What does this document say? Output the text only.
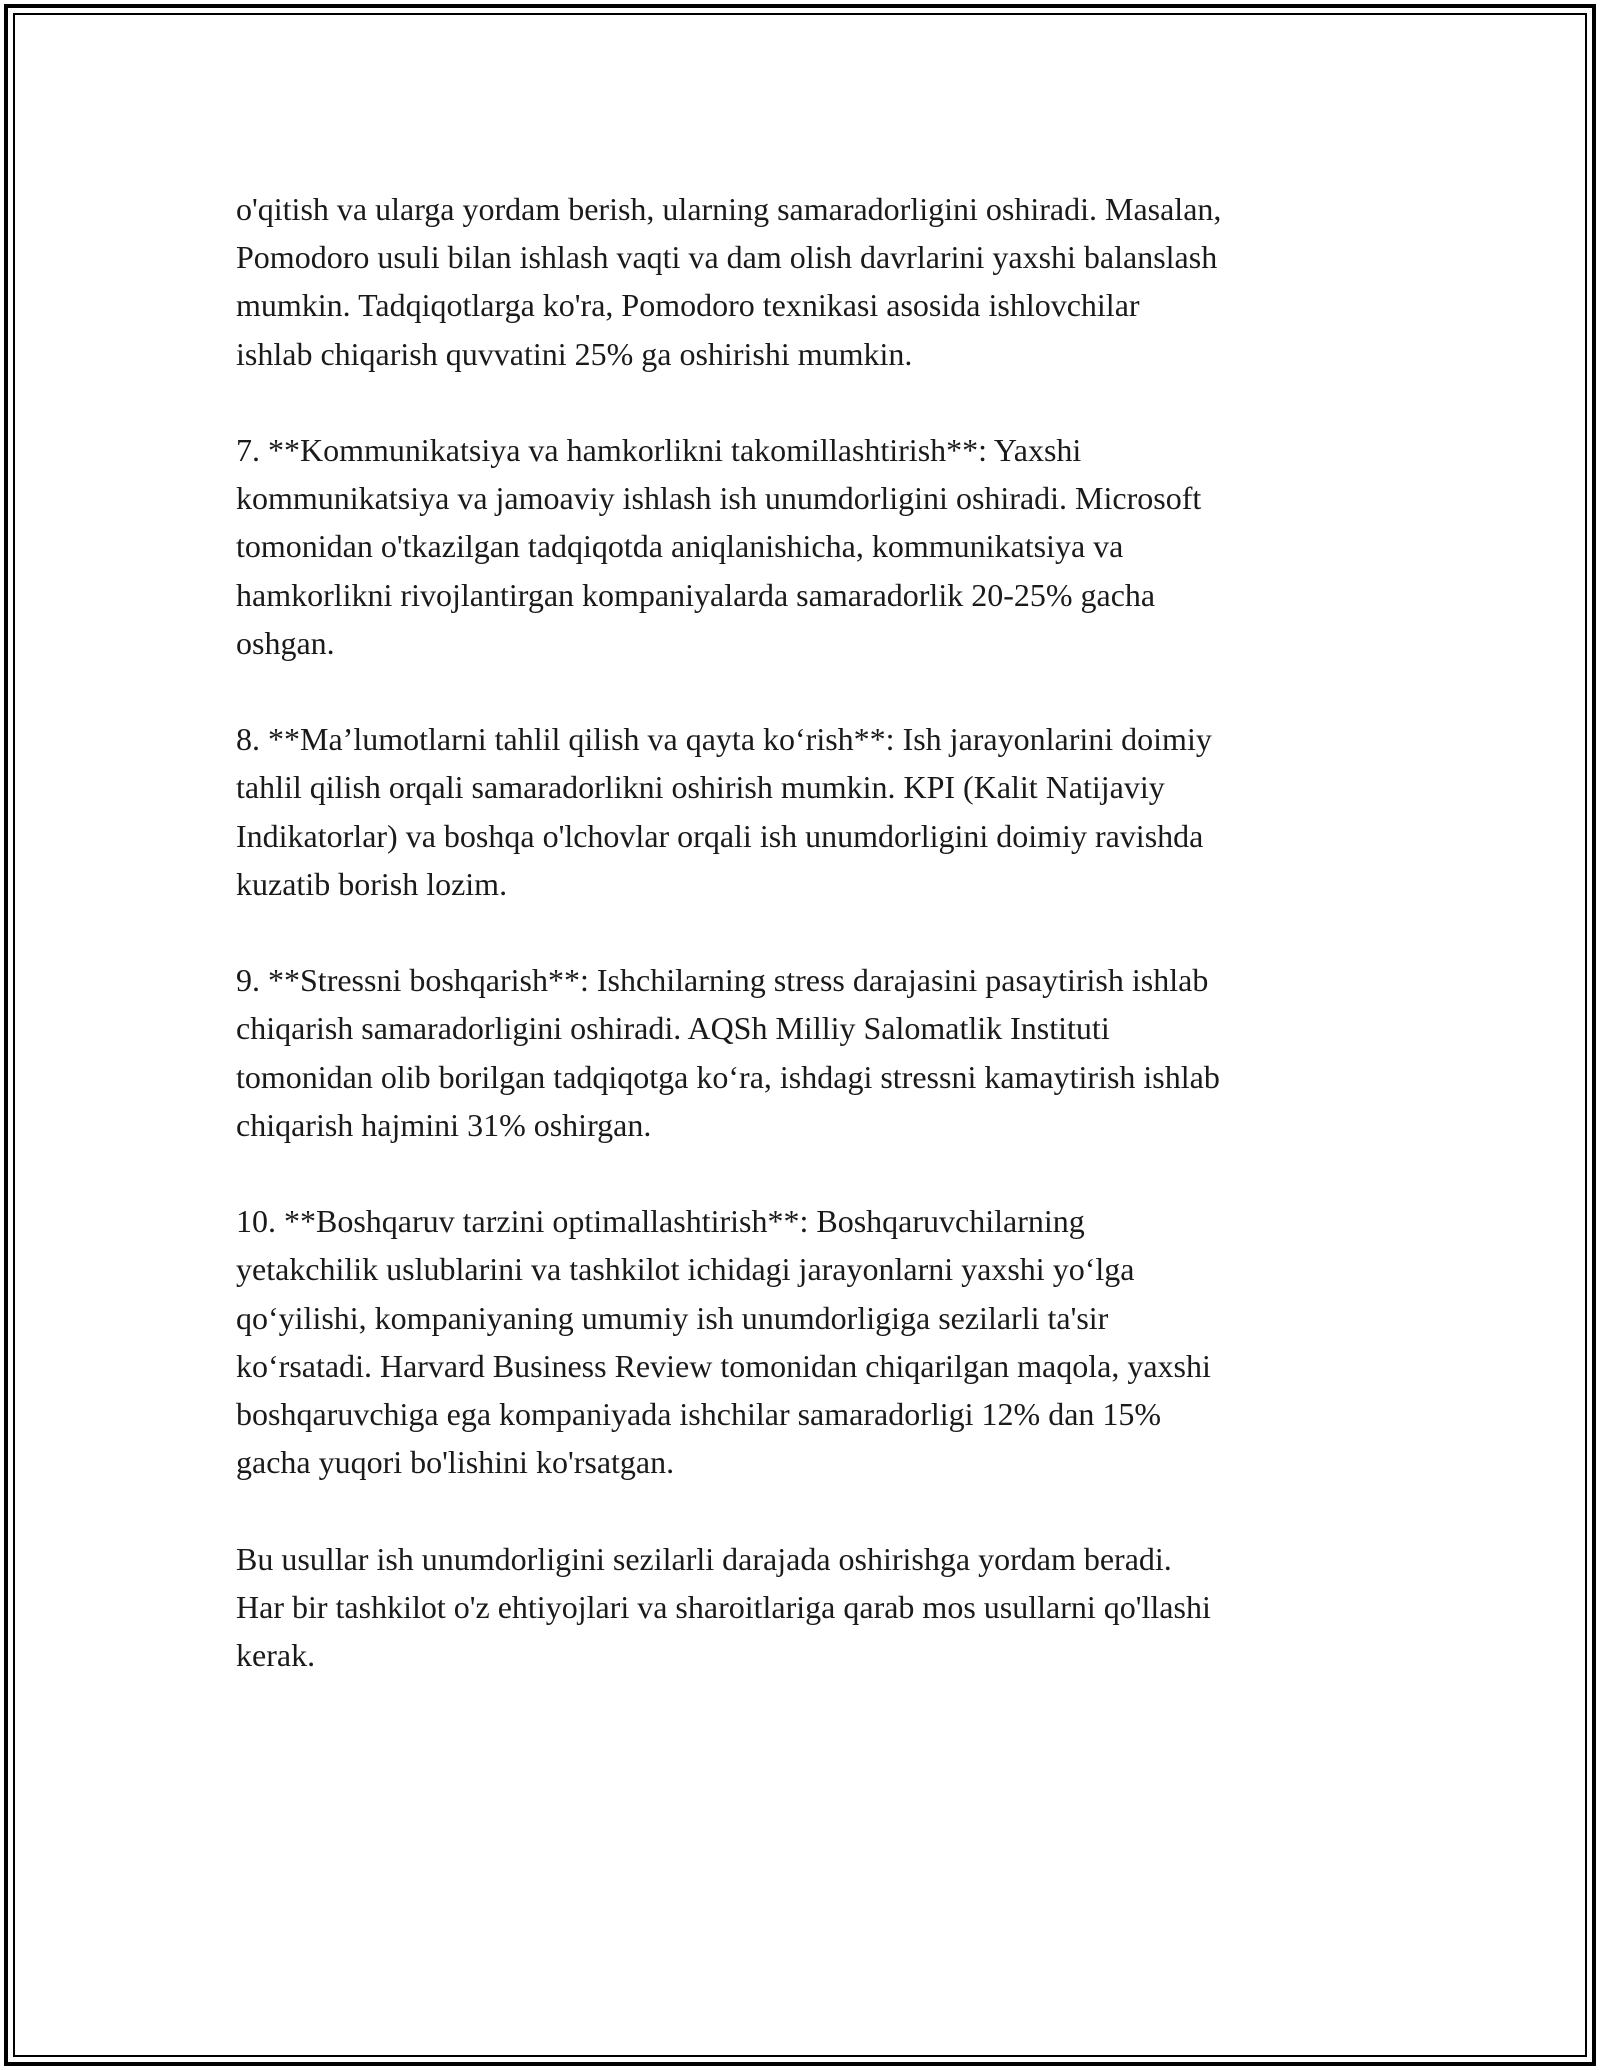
o'qitish va ularga yordam berish, ularning samaradorligini oshiradi. Masalan,
Pomodoro usuli bilan ishlash vaqti va dam olish davrlarini yaxshi balanslash
mumkin. Tadqiqotlarga ko'ra, Pomodoro texnikasi asosida ishlovchilar
ishlab chiqarish quvvatini 25% ga oshirishi mumkin.

7. **Kommunikatsiya va hamkorlikni takomillashtirish**: Yaxshi
kommunikatsiya va jamoaviy ishlash ish unumdorligini oshiradi. Microsoft
tomonidan o'tkazilgan tadqiqotda aniqlanishicha, kommunikatsiya va
hamkorlikni rivojlantirgan kompaniyalarda samaradorlik 20-25% gacha
oshgan.

8. **Ma’lumotlarni tahlil qilish va qayta ko‘rish**: Ish jarayonlarini doimiy
tahlil qilish orqali samaradorlikni oshirish mumkin. KPI (Kalit Natijaviy
Indikatorlar) va boshqa o'lchovlar orqali ish unumdorligini doimiy ravishda
kuzatib borish lozim.

9. **Stressni boshqarish**: Ishchilarning stress darajasini pasaytirish ishlab
chiqarish samaradorligini oshiradi. AQSh Milliy Salomatlik Instituti
tomonidan olib borilgan tadqiqotga ko‘ra, ishdagi stressni kamaytirish ishlab
chiqarish hajmini 31% oshirgan.

10. **Boshqaruv tarzini optimallashtirish**: Boshqaruvchilarning
yetakchilik uslublarini va tashkilot ichidagi jarayonlarni yaxshi yo‘lga
qo‘yilishi, kompaniyaning umumiy ish unumdorligiga sezilarli ta'sir
ko‘rsatadi. Harvard Business Review tomonidan chiqarilgan maqola, yaxshi
boshqaruvchiga ega kompaniyada ishchilar samaradorligi 12% dan 15%
gacha yuqori bo'lishini ko'rsatgan.

Bu usullar ish unumdorligini sezilarli darajada oshirishga yordam beradi.
Har bir tashkilot o'z ehtiyojlari va sharoitlariga qarab mos usullarni qo'llashi
kerak.
